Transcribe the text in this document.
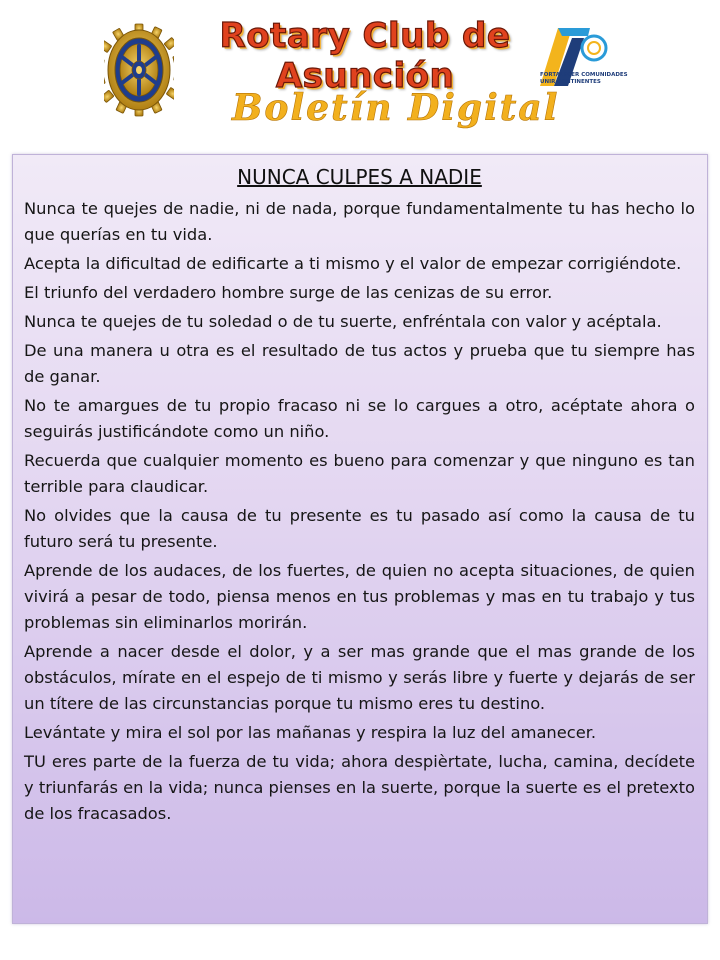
Rotary Club de
Asunción
Boletín Digital
FORTALECER COMUNIDADES
UNIR CONTINENTES
NUNCA CULPES A NADIE
Nunca te quejes de nadie, ni de nada, porque fundamentalmente tu has hecho lo que querías en tu vida.
Acepta la dificultad de edificarte a ti mismo y el valor de empezar corrigiéndote.
El triunfo del verdadero hombre surge de las cenizas de su error.
Nunca te quejes de tu soledad o de tu suerte, enfréntala con valor y acéptala.
De una manera u otra es el resultado de tus actos y prueba que tu siempre has de ganar.
No te amargues de tu propio fracaso ni se lo cargues a otro, acéptate ahora o seguirás justificándote como un niño.
Recuerda que cualquier momento es bueno para comenzar y que ninguno es tan terrible para claudicar.
No olvides que la causa de tu presente es tu pasado así como la causa de tu futuro será tu presente.
Aprende de los audaces, de los fuertes, de quien no acepta situaciones, de quien vivirá a pesar de todo, piensa menos en tus problemas y mas en tu trabajo y tus problemas sin eliminarlos morirán.
Aprende a nacer desde el dolor, y a ser mas grande que el mas grande de los obstáculos, mírate en el espejo de ti mismo y serás libre y fuerte y dejarás de ser un títere de las circunstancias porque tu mismo eres tu destino.
Levántate y mira el sol por las mañanas y respira la luz del amanecer.
TU eres parte de la fuerza de tu vida; ahora despièrtate, lucha, camina, decídete y triunfarás en la vida; nunca pienses en la suerte, porque la suerte es el pretexto de los fracasados.
